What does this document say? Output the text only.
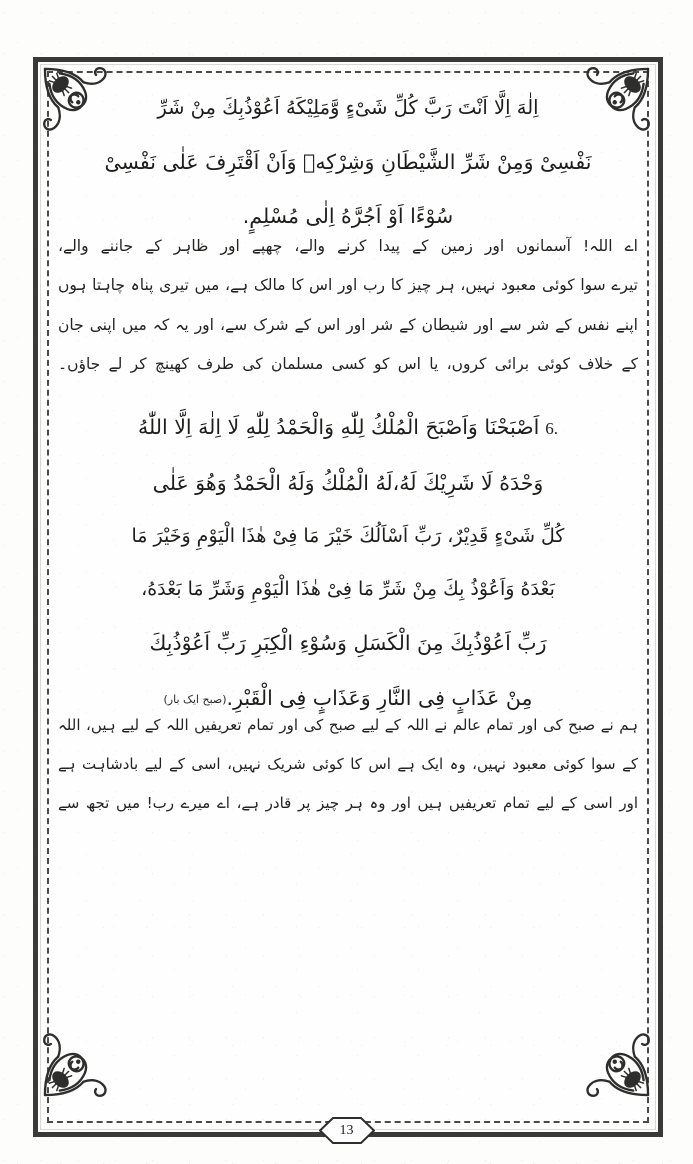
اِلٰهَ اِلَّا اَنْتَ رَبَّ كُلِّ شَىْءٍ وَّمَلِيْكَهُ اَعُوْذُبِكَ مِنْ شَرِّ
نَفْسِىْ وَمِنْ شَرِّ الشَّيْطَانِ وَشِرْكِهٖ وَاَنْ اَقْتَرِفَ عَلٰى نَفْسِىْ
سُوْءًا اَوْ اَجُرَّهُ اِلٰى مُسْلِمٍ.
اے اللہ! آسمانوں اور زمین کے پیدا کرنے والے، چھپے اور ظاہر کے جاننے والے،
تیرے سوا کوئی معبود نہیں، ہر چیز کا رب اور اس کا مالک ہے، میں تیری پناہ چاہتا ہوں
اپنے نفس کے شر سے اور شیطان کے شر اور اس کے شرک سے، اور یہ کہ میں اپنی جان
کے خلاف کوئی برائی کروں، یا اس کو کسی مسلمان کی طرف کھینچ کر لے جاؤں۔
اَصْبَحْنَا وَاَصْبَحَ الْمُلْكُ لِلّٰهِ وَالْحَمْدُ لِلّٰهِ لَا اِلٰهَ اِلَّا اللّٰهُ 6.
وَحْدَهُ لَا شَرِيْكَ لَهُ،لَهُ الْمُلْكُ وَلَهُ الْحَمْدُ وَهُوَ عَلٰى
كُلِّ شَىْءٍ قَدِيْرٌ، رَبِّ اَسْاَلُكَ خَيْرَ مَا فِىْ هٰذَا الْيَوْمِ وَخَيْرَ مَا
بَعْدَهُ وَاَعُوْذُ بِكَ مِنْ شَرِّ مَا فِىْ هٰذَا الْيَوْمِ وَشَرِّ مَا بَعْدَهُ،
رَبِّ اَعُوْذُبِكَ مِنَ الْكَسَلِ وَسُوْءِ الْكِبَرِ رَبِّ اَعُوْذُبِكَ
مِنْ عَذَابٍ فِى النَّارِ وَعَذَابٍ فِى الْقَبْرِ.(صبح ایک بار)
ہم نے صبح کی اور تمام عالم نے اللہ کے لیے صبح کی اور تمام تعریفیں اللہ کے لیے ہیں، اللہ
کے سوا کوئی معبود نہیں، وہ ایک ہے اس کا کوئی شریک نہیں، اسی کے لیے بادشاہت ہے
اور اسی کے لیے تمام تعریفیں ہیں اور وہ ہر چیز پر قادر ہے، اے میرے رب! میں تجھ سے
13
